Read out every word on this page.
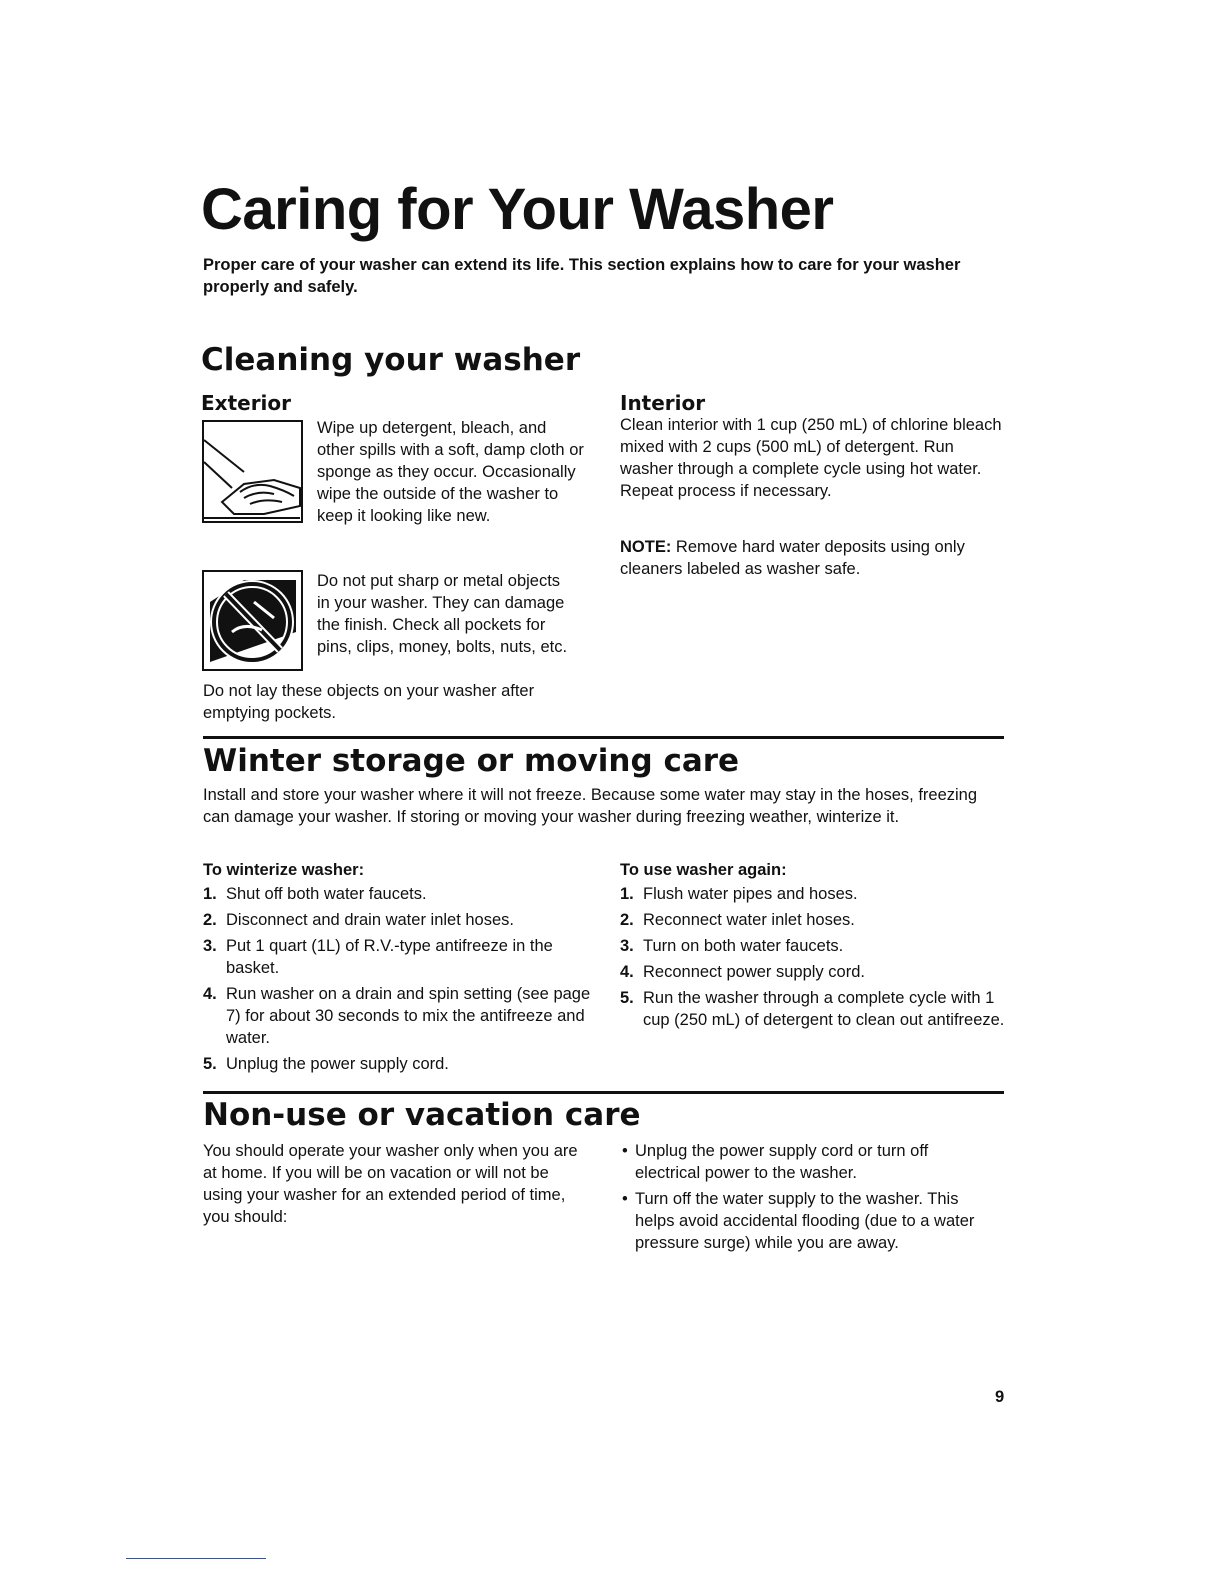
Caring for Your Washer

Proper care of your washer can extend its life. This section explains how to care for your washer properly and safely.

Cleaning your washer
Exterior

Wipe up detergent, bleach, and other spills with a soft, damp cloth or sponge as they occur. Occasionally wipe the outside of the washer to keep it looking like new.

Do not put sharp or metal objects in your washer. They can damage the finish. Check all pockets for pins, clips, money, bolts, nuts, etc.

Do not lay these objects on your washer after emptying pockets.

Interior

Clean interior with 1 cup (250 mL) of chlorine bleach mixed with 2 cups (500 mL) of detergent. Run washer through a complete cycle using hot water. Repeat process if necessary.

NOTE: Remove hard water deposits using only cleaners labeled as washer safe.

Winter storage or moving care

Install and store your washer where it will not freeze. Because some water may stay in the hoses, freezing can damage your washer. If storing or moving your washer during freezing weather, winterize it.

To winterize washer:
1. Shut off both water faucets.
2. Disconnect and drain water inlet hoses.
3. Put 1 quart (1L) of R.V.-type antifreeze in the basket.
4. Run washer on a drain and spin setting (see page 7) for about 30 seconds to mix the antifreeze and water.
5. Unplug the power supply cord.
To use washer again:
1. Flush water pipes and hoses.
2. Reconnect water inlet hoses.
3. Turn on both water faucets.
4. Reconnect power supply cord.
5. Run the washer through a complete cycle with 1 cup (250 mL) of detergent to clean out antifreeze.
Non-use or vacation care

You should operate your washer only when you are at home. If you will be on vacation or will not be using your washer for an extended period of time, you should:

• Unplug the power supply cord or turn off electrical power to the washer.
• Turn off the water supply to the washer. This helps avoid accidental flooding (due to a water pressure surge) while you are away.
9
